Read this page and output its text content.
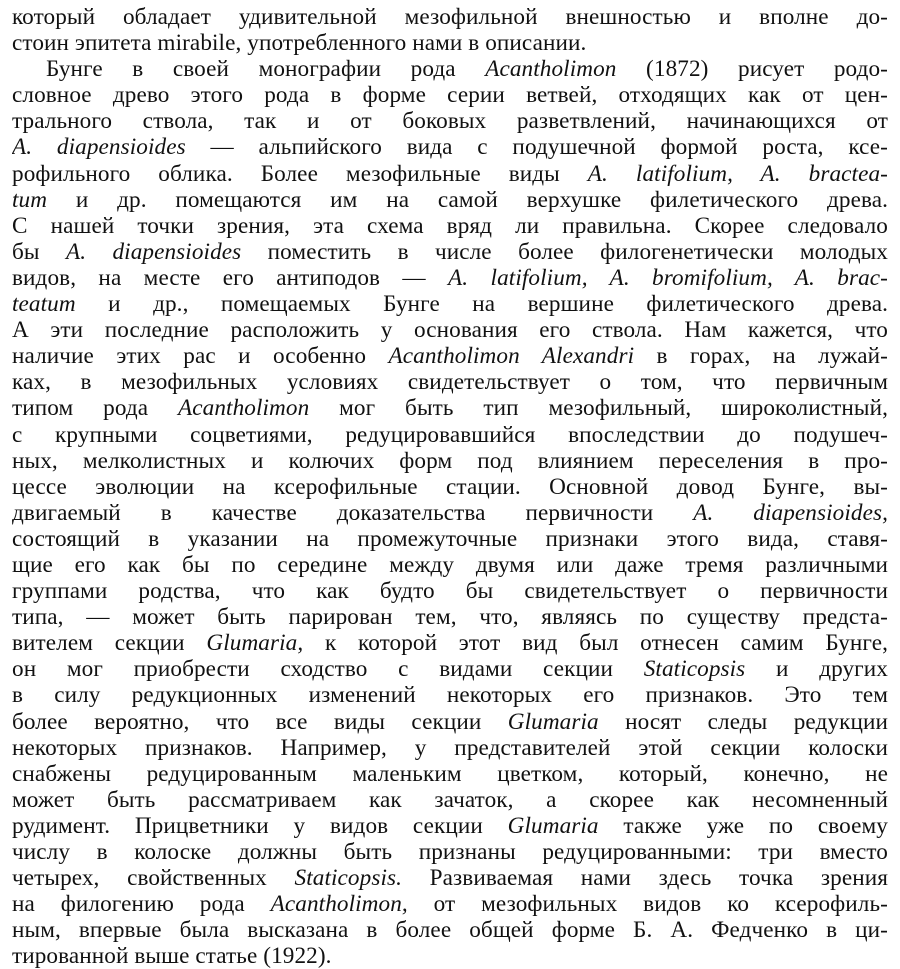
который обладает удивительной мезофильной внешностью и вполне до-
стоин эпитета mirabile, употребленного нами в описании.
Бунге в своей монографии рода Acantholimon (1872) рисует родо-
словное древо этого рода в форме серии ветвей, отходящих как от цен-
трального ствола, так и от боковых разветвлений, начинающихся от
A. diapensioides — альпийского вида с подушечной формой роста, ксе-
рофильного облика. Более мезофильные виды A. latifolium, A. bractea-
tum и др. помещаются им на самой верхушке филетического древа.
С нашей точки зрения, эта схема вряд ли правильна. Скорее следовало
бы A. diapensioides поместить в числе более филогенетически молодых
видов, на месте его антиподов — A. latifolium, A. bromifolium, A. brac-
teatum и др., помещаемых Бунге на вершине филетического древа.
А эти последние расположить у основания его ствола. Нам кажется, что
наличие этих рас и особенно Acantholimon Alexandri в горах, на лужай-
ках, в мезофильных условиях свидетельствует о том, что первичным
типом рода Acantholimon мог быть тип мезофильный, широколистный,
с крупными соцветиями, редуцировавшийся впоследствии до подушеч-
ных, мелколистных и колючих форм под влиянием переселения в про-
цессе эволюции на ксерофильные стации. Основной довод Бунге, вы-
двигаемый в качестве доказательства первичности A. diapensioides,
состоящий в указании на промежуточные признаки этого вида, ставя-
щие его как бы по середине между двумя или даже тремя различными
группами родства, что как будто бы свидетельствует о первичности
типа, — может быть парирован тем, что, являясь по существу предста-
вителем секции Glumaria, к которой этот вид был отнесен самим Бунге,
он мог приобрести сходство с видами секции Staticopsis и других
в силу редукционных изменений некоторых его признаков. Это тем
более вероятно, что все виды секции Glumaria носят следы редукции
некоторых признаков. Например, у представителей этой секции колоски
снабжены редуцированным маленьким цветком, который, конечно, не
может быть рассматриваем как зачаток, а скорее как несомненный
рудимент. Прицветники у видов секции Glumaria также уже по своему
числу в колоске должны быть признаны редуцированными: три вместо
четырех, свойственных Staticopsis. Развиваемая нами здесь точка зрения
на филогению рода Acantholimon, от мезофильных видов ко ксерофиль-
ным, впервые была высказана в более общей форме Б. А. Федченко в ци-
тированной выше статье (1922).
